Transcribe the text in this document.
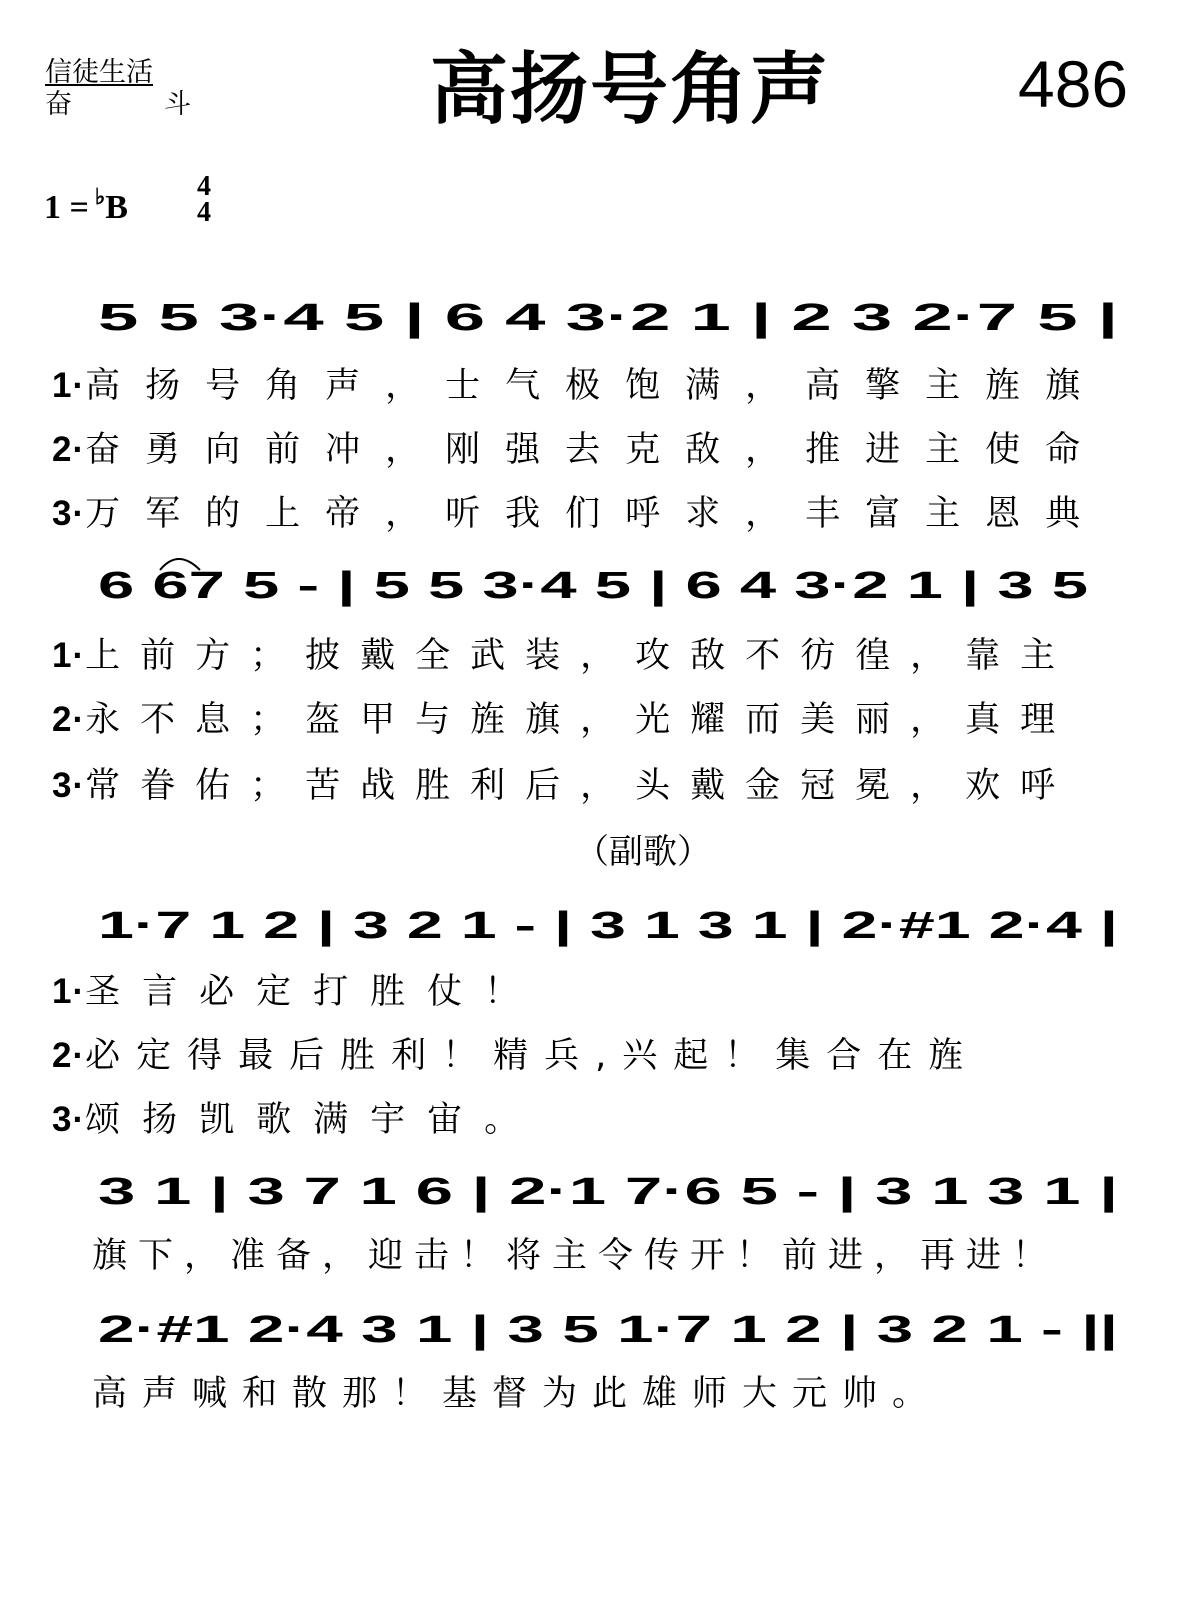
信徒生活
奋	斗	高扬号角声	486
1 = ♭B
4
4
5 5 3·4 5 | 6 4 3·2 1 | 2 3 2·7 5 |
6 67 5 - | 5 5 3·4 5 | 6 4 3·2 1 | 3 5
1·7 1 2 | 3 2 1 - | 3 1 3 1 | 2·#1 2·4 |
3 1 | 3 7 1 6 | 2·1 7·6 5 - | 3 1 3 1 |
2·#1 2·4 3 1 | 3 5 1·7 1 2 | 3 2 1 - ||
1·高扬号角声，士气极饱满，高擎主旌旗
2·奋勇向前冲，刚强去克敌，推进主使命
3·万军的上帝，听我们呼求，丰富主恩典
1·上前方；披戴全武装，攻敌不彷徨，靠主
2·永不息；盔甲与旌旗，光耀而美丽，真理
3·常眷佑；苦战胜利后，头戴金冠冕，欢呼
（副歌）
1·圣言必定打胜仗！
2·必定得最后胜利！精兵,兴起！集合在旌
3·颂扬凯歌满宇宙。
旗下，准备，迎击！将主令传开！前进，再进！
高声喊和散那！基督为此雄师大元帅。
